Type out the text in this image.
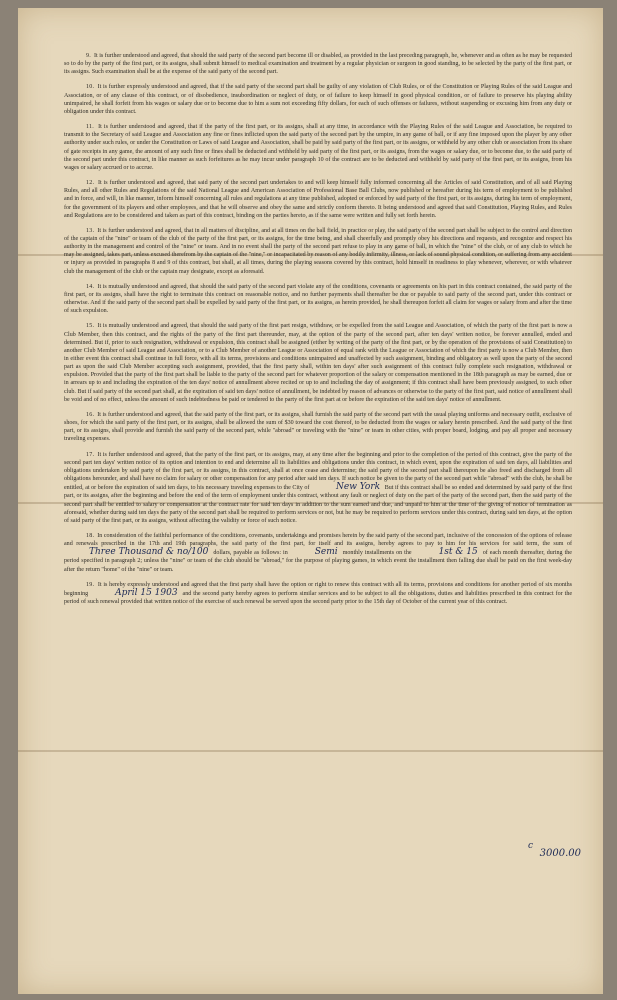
9. It is further understood and agreed, that should the said party of the second part become ill or disabled, as provided in the last preceding paragraph, he, whenever and as often as he may be requested so to do by the party of the first part, or its assigns, shall submit himself to medical examination and treatment by a regular physician or surgeon in good standing, to be selected by the party of the first part, or its assigns. Such examination shall be at the expense of the said party of the second part.

10. It is further expressly understood and agreed, that if the said party of the second part shall be guilty of any violation of Club Rules, or of the Constitution or Playing Rules of the said League and Association, or of any clause of this contract, or of disobedience, insubordination or neglect of duty, or of failure to keep himself in good physical condition, or of failure to preserve his playing ability unimpaired, he shall forfeit from his wages or salary due or to become due to him a sum not exceeding fifty dollars, for each of such offenses or failures, without suspending or excusing him from any duty or obligation under this contract.

11. It is further understood and agreed, that if the party of the first part, or its assigns, shall at any time, in accordance with the Playing Rules of the said League and Association, be required to transmit to the Secretary of said League and Association any fine or fines inflicted upon the said party of the second part by the umpire, in any game of ball, or if any fine imposed upon the player by any other authority under such rules, or under the Constitution or Laws of said League and Association, shall be paid by said party of the first part, or its assigns, or withheld by any other club or association from its share of gate receipts in any game, the amount of any such fine or fines shall be deducted and withheld by said party of the first part, or its assigns, from the wages or salary due, or to become due, to the said party of the second part under this contract, in like manner as such forfeitures as he may incur under paragraph 10 of the contract are to be deducted and withheld by said party of the first part, or its assigns, from his wages or salary accrued or to accrue.

12. It is further understood and agreed, that said party of the second part undertakes to and will keep himself fully informed concerning all the Articles of said Constitution, and of all said Playing Rules, and all other Rules and Regulations of the said National League and American Association of Professional Base Ball Clubs, now published or hereafter during his term of employment to be published and in force, and will, in like manner, inform himself concerning all rules and regulations at any time published, adopted or enforced by said party of the first part, or its assigns, during his term of employment, for the government of its players and other employees, and that he will observe and obey the same and strictly conform thereto. It being understood and agreed that said Constitution, Playing Rules, and Rules and Regulations are to be considered and taken as part of this contract, binding on the parties hereto, as if the same were written and fully set forth herein.

13. It is further understood and agreed, that in all matters of discipline, and at all times on the ball field, in practice or play, the said party of the second part shall be subject to the control and direction of the captain of the "nine" or team of the club of the party of the first part, or its assigns, for the time being, and shall cheerfully and promptly obey his directions and requests, and recognize and respect his authority in the management and control of the "nine" or team. And in no event shall the party of the second part refuse to play in any game of ball, in which the "nine" of the club, or of any club to which he may be assigned, takes part, unless excused therefrom by the captain of the "nine," or incapacitated by reason of any bodily infirmity, illness, or lack of sound physical condition, or suffering from any accident or injury as provided in paragraphs 8 and 9 of this contract, but shall, at all times, during the playing seasons covered by this contract, hold himself in readiness to play whenever, wherever, or with whatever club the management of the club or the captain may designate, except as aforesaid.

14. It is mutually understood and agreed, that should the said party of the second part violate any of the conditions, covenants or agreements on his part in this contract contained, the said party of the first part, or its assigns, shall have the right to terminate this contract on reasonable notice, and no further payments shall thereafter be due or payable to said party of the second part, under this contract or otherwise. And if the said party of the second part shall be expelled by said party of the first part, or its assigns, as herein provided, he shall thereupon forfeit all claim for wages or salary from and after the time of such expulsion.

15. It is mutually understood and agreed, that should the said party of the first part resign, withdraw, or be expelled from the said League and Association, of which the party of the first part is now a Club Member, then this contract, and the rights of the party of the first part thereunder, may, at the option of the party of the second part, after ten days' written notice, be forever annulled, ended and determined. But if, prior to such resignation, withdrawal or expulsion, this contract shall be assigned (either by writing of the party of the first part, or by the operation of the provisions of said Constitution) to another Club Member of said League and Association, or to a Club Member of another League or Association of equal rank with the League or Association of which the first party is now a Club Member, then in either event this contract shall continue in full force, with all its terms, provisions and conditions unimpaired and unaffected by such assignment, binding and obligatory as well upon the party of the second part as upon the said Club Member accepting such assignment, provided, that the first party shall, within ten days' after such assignment of this contract fully complete such resignation, withdrawal or expulsion. Provided that the party of the first part shall be liable to the party of the second part for whatever proportion of the salary or compensation mentioned in the 18th paragraph as may be earned, due or in arrears up to and including the expiration of the ten days' notice of annullment above recited or up to and including the day of assignment; if this contract shall have been previously assigned, to such other club. But if said party of the second part shall, at the expiration of said ten days' notice of annullment, be indebted by reason of advances or otherwise to the party of the first part, said notice of annullment shall be void and of no effect, unless the amount of such indebtedness be paid or tendered to the party of the first part at or before the expiration of the said ten days' notice of annullment.

16. It is further understood and agreed, that the said party of the first part, or its assigns, shall furnish the said party of the second part with the usual playing uniforms and necessary outfit, exclusive of shoes, for which the said party of the first part, or its assigns, shall be allowed the sum of $30 toward the cost thereof, to be deducted from the wages or salary herein prescribed. And the said party of the first part, or its assigns, shall provide and furnish the said party of the second part, while "abroad" or traveling with the "nine" or team in other cities, with proper board, lodging, and pay all proper and necessary traveling expenses.

17. It is further understood and agreed, that the party of the first part, or its assigns, may, at any time after the beginning and prior to the completion of the period of this contract, give the party of the second part ten days' written notice of its option and intention to end and determine all its liabilities and obligations under this contract, in which event, upon the expiration of said ten days, all liabilities and obligations undertaken by said party of the first part, or its assigns, in this contract, shall at once cease and determine; the said party of the second part shall thereupon be also freed and discharged from all obligations hereunder, and shall have no claim for salary or other compensation for any period after said ten days. If such notice be given to the party of the second part while "abroad" with the club, he shall be entitled, at or before the expiration of said ten days, to his necessary traveling expenses to the City of	New York But if this contract shall be so ended and determined by said party of the first part, or its assigns, after the beginning and before the end of the term of employment under this contract, without any fault or neglect of duty on the part of the party of the second part, then the said party of the second part shall be entitled to salary or compensation at the contract rate for said ten days in addition to the sum earned and due, and unpaid to him at the time of the giving of notice of termination as aforesaid, whether during said ten days the party of the second part shall be required to perform services or not, but he may be required to perform services under this contract, during said ten days, at the option of said party of the first part, or its assigns, without affecting the validity or force of such notice.

18. In consideration of the faithful performance of the conditions, covenants, undertakings and promises herein by the said party of the second part, inclusive of the concession of the options of release and renewals prescribed in the 17th and 19th paragraphs, the said party of the first part, for itself and its assigns, hereby agrees to pay to him for his services for said term, the sum of Three Thousand & no/100 dollars, payable as follows: in	Semi monthly installments on the	1st & 15 of each month thereafter, during the period specified in paragraph 2; unless the "nine" or team of the club should be "abroad," for the purpose of playing games, in which event the installment then falling due shall be paid on the first week-day after the return "home" of the "nine" or team.

19. It is hereby expressly understood and agreed that the first party shall have the option or right to renew this contract with all its terms, provisions and conditions for another period of six months beginning	April 15 1903 and the second party hereby agrees to perform similar services and to be subject to all the obligations, duties and liabilities prescribed in this contract for the period of such renewal provided that written notice of the exercise of such renewal be served upon the second party prior to the 15th day of October of the current year of this contract.

c
3000.00
